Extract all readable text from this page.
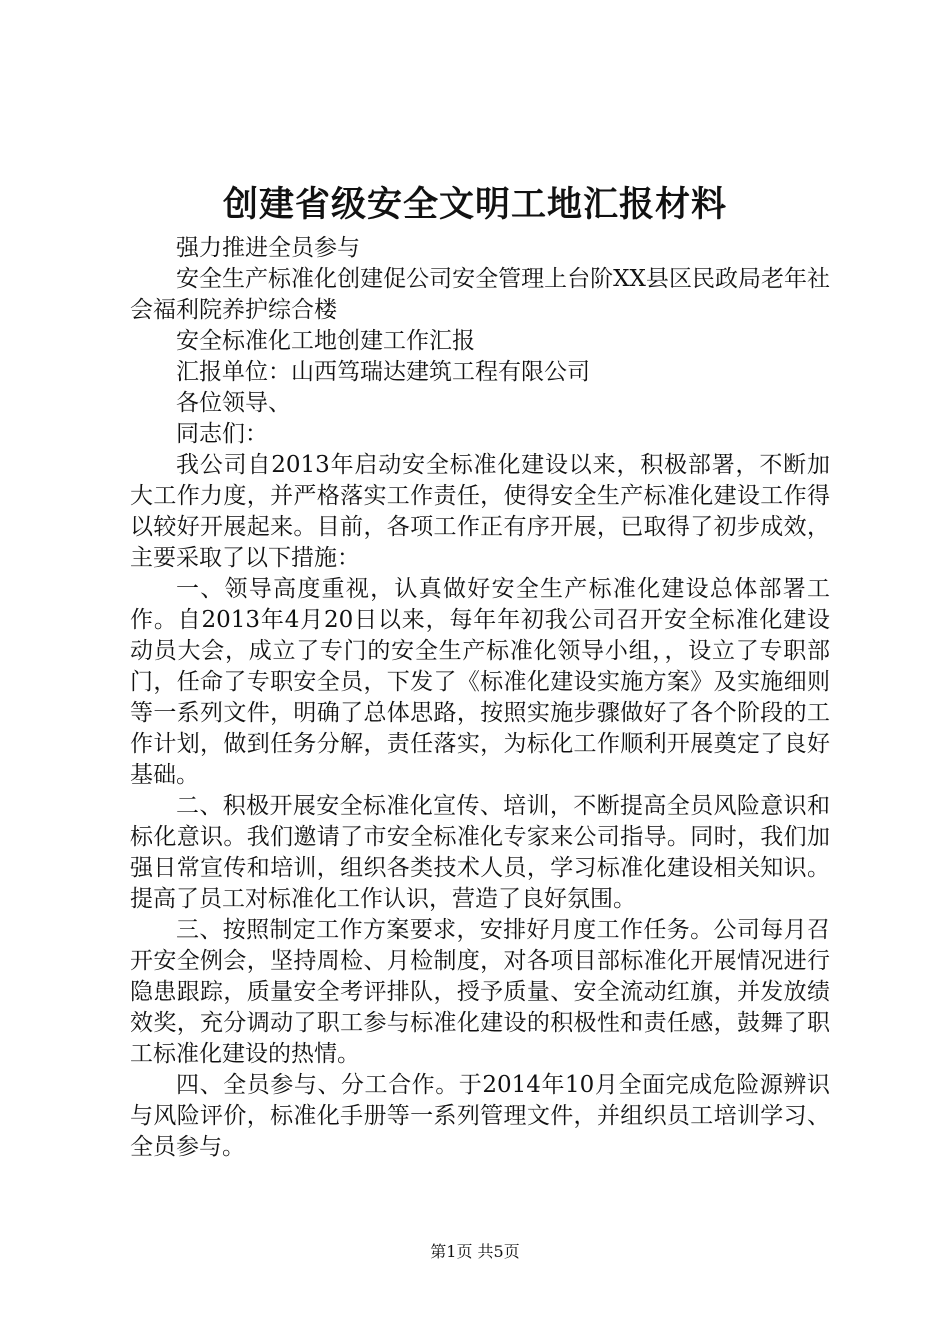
创建省级安全文明工地汇报材料

强力推进全员参与

安全生产标准化创建促公司安全管理上台阶XX县区民政局老年社会福利院养护综合楼

安全标准化工地创建工作汇报

汇报单位：山西笃瑞达建筑工程有限公司

各位领导、

同志们：

我公司自2013年启动安全标准化建设以来，积极部署，不断加大工作力度，并严格落实工作责任，使得安全生产标准化建设工作得以较好开展起来。目前，各项工作正有序开展，已取得了初步成效，主要采取了以下措施：

一、领导高度重视，认真做好安全生产标准化建设总体部署工作。自2013年4月20日以来，每年年初我公司召开安全标准化建设动员大会，成立了专门的安全生产标准化领导小组，，设立了专职部门，任命了专职安全员，下发了《标准化建设实施方案》及实施细则等一系列文件，明确了总体思路，按照实施步骤做好了各个阶段的工作计划，做到任务分解，责任落实，为标化工作顺利开展奠定了良好基础。

二、积极开展安全标准化宣传、培训，不断提高全员风险意识和标化意识。我们邀请了市安全标准化专家来公司指导。同时，我们加强日常宣传和培训，组织各类技术人员，学习标准化建设相关知识。提高了员工对标准化工作认识，营造了良好氛围。

三、按照制定工作方案要求，安排好月度工作任务。公司每月召开安全例会，坚持周检、月检制度，对各项目部标准化开展情况进行隐患跟踪，质量安全考评排队，授予质量、安全流动红旗，并发放绩效奖，充分调动了职工参与标准化建设的积极性和责任感，鼓舞了职工标准化建设的热情。

四、全员参与、分工合作。于2014年10月全面完成危险源辨识与风险评价，标准化手册等一系列管理文件，并组织员工培训学习、全员参与。

第1页 共5页
